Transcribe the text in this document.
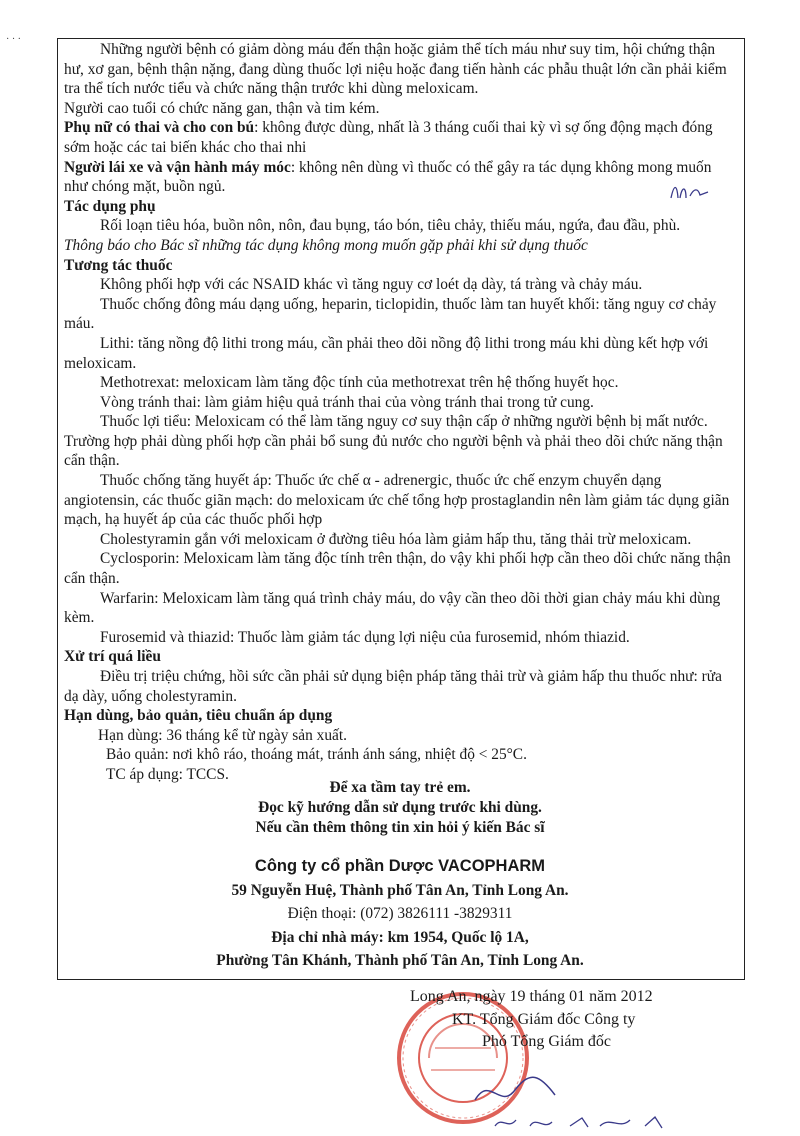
Những người bệnh có giảm dòng máu đến thận hoặc giảm thể tích máu như suy tim, hội chứng thận hư, xơ gan, bệnh thận nặng, đang dùng thuốc lợi niệu hoặc đang tiến hành các phẫu thuật lớn cần phải kiểm tra thể tích nước tiểu và chức năng thận trước khi dùng meloxicam.

Người cao tuổi có chức năng gan, thận và tim kém.

Phụ nữ có thai và cho con bú: không được dùng, nhất là 3 tháng cuối thai kỳ vì sợ ống động mạch đóng sớm hoặc các tai biến khác cho thai nhi

Người lái xe và vận hành máy móc: không nên dùng vì thuốc có thể gây ra tác dụng không mong muốn như chóng mặt, buồn ngủ.

Tác dụng phụ

Rối loạn tiêu hóa, buồn nôn, nôn, đau bụng, táo bón, tiêu chảy, thiếu máu, ngứa, đau đầu, phù.

Thông báo cho Bác sĩ những tác dụng không mong muốn gặp phải khi sử dụng thuốc

Tương tác thuốc

Không phối hợp với các NSAID khác vì tăng nguy cơ loét dạ dày, tá tràng và chảy máu.

Thuốc chống đông máu dạng uống, heparin, ticlopidin, thuốc làm tan huyết khối: tăng nguy cơ chảy máu.

Lithi: tăng nồng độ lithi trong máu, cần phải theo dõi nồng độ lithi trong máu khi dùng kết hợp với meloxicam.

Methotrexat: meloxicam làm tăng độc tính của methotrexat trên hệ thống huyết học.

Vòng tránh thai: làm giảm hiệu quả tránh thai của vòng tránh thai trong tử cung.

Thuốc lợi tiểu: Meloxicam có thể làm tăng nguy cơ suy thận cấp ở những người bệnh bị mất nước. Trường hợp phải dùng phối hợp cần phải bổ sung đủ nước cho người bệnh và phải theo dõi chức năng thận cẩn thận.

Thuốc chống tăng huyết áp: Thuốc ức chế α - adrenergic, thuốc ức chế enzym chuyển dạng angiotensin, các thuốc giãn mạch: do meloxicam ức chế tổng hợp prostaglandin nên làm giảm tác dụng giãn mạch, hạ huyết áp của các thuốc phối hợp

Cholestyramin gắn với meloxicam ở đường tiêu hóa làm giảm hấp thu, tăng thải trừ meloxicam.

Cyclosporin: Meloxicam làm tăng độc tính trên thận, do vậy khi phối hợp cần theo dõi chức năng thận cẩn thận.

Warfarin: Meloxicam làm tăng quá trình chảy máu, do vậy cần theo dõi thời gian chảy máu khi dùng kèm.

Furosemid và thiazid: Thuốc làm giảm tác dụng lợi niệu của furosemid, nhóm thiazid.

Xử trí quá liều

Điều trị triệu chứng, hồi sức cần phải sử dụng biện pháp tăng thải trừ và giảm hấp thu thuốc như: rửa dạ dày, uống cholestyramin.

Hạn dùng, bảo quản, tiêu chuẩn áp dụng

Hạn dùng: 36 tháng kể từ ngày sản xuất.

Bảo quản: nơi khô ráo, thoáng mát, tránh ánh sáng, nhiệt độ < 25°C.

TC áp dụng: TCCS.

Để xa tầm tay trẻ em.
Đọc kỹ hướng dẫn sử dụng trước khi dùng.
Nếu cần thêm thông tin xin hỏi ý kiến Bác sĩ
Công ty cổ phần Dược VACOPHARM
59 Nguyễn Huệ, Thành phố Tân An, Tỉnh Long An.
Điện thoại: (072) 3826111 -3829311
Địa chỉ nhà máy: km 1954, Quốc lộ 1A,
Phường Tân Khánh, Thành phố Tân An, Tỉnh Long An.

Long An, ngày 19 tháng 01 năm 2012

KT. Tổng Giám đốc Công ty

Phó Tổng Giám đốc

· · ·
